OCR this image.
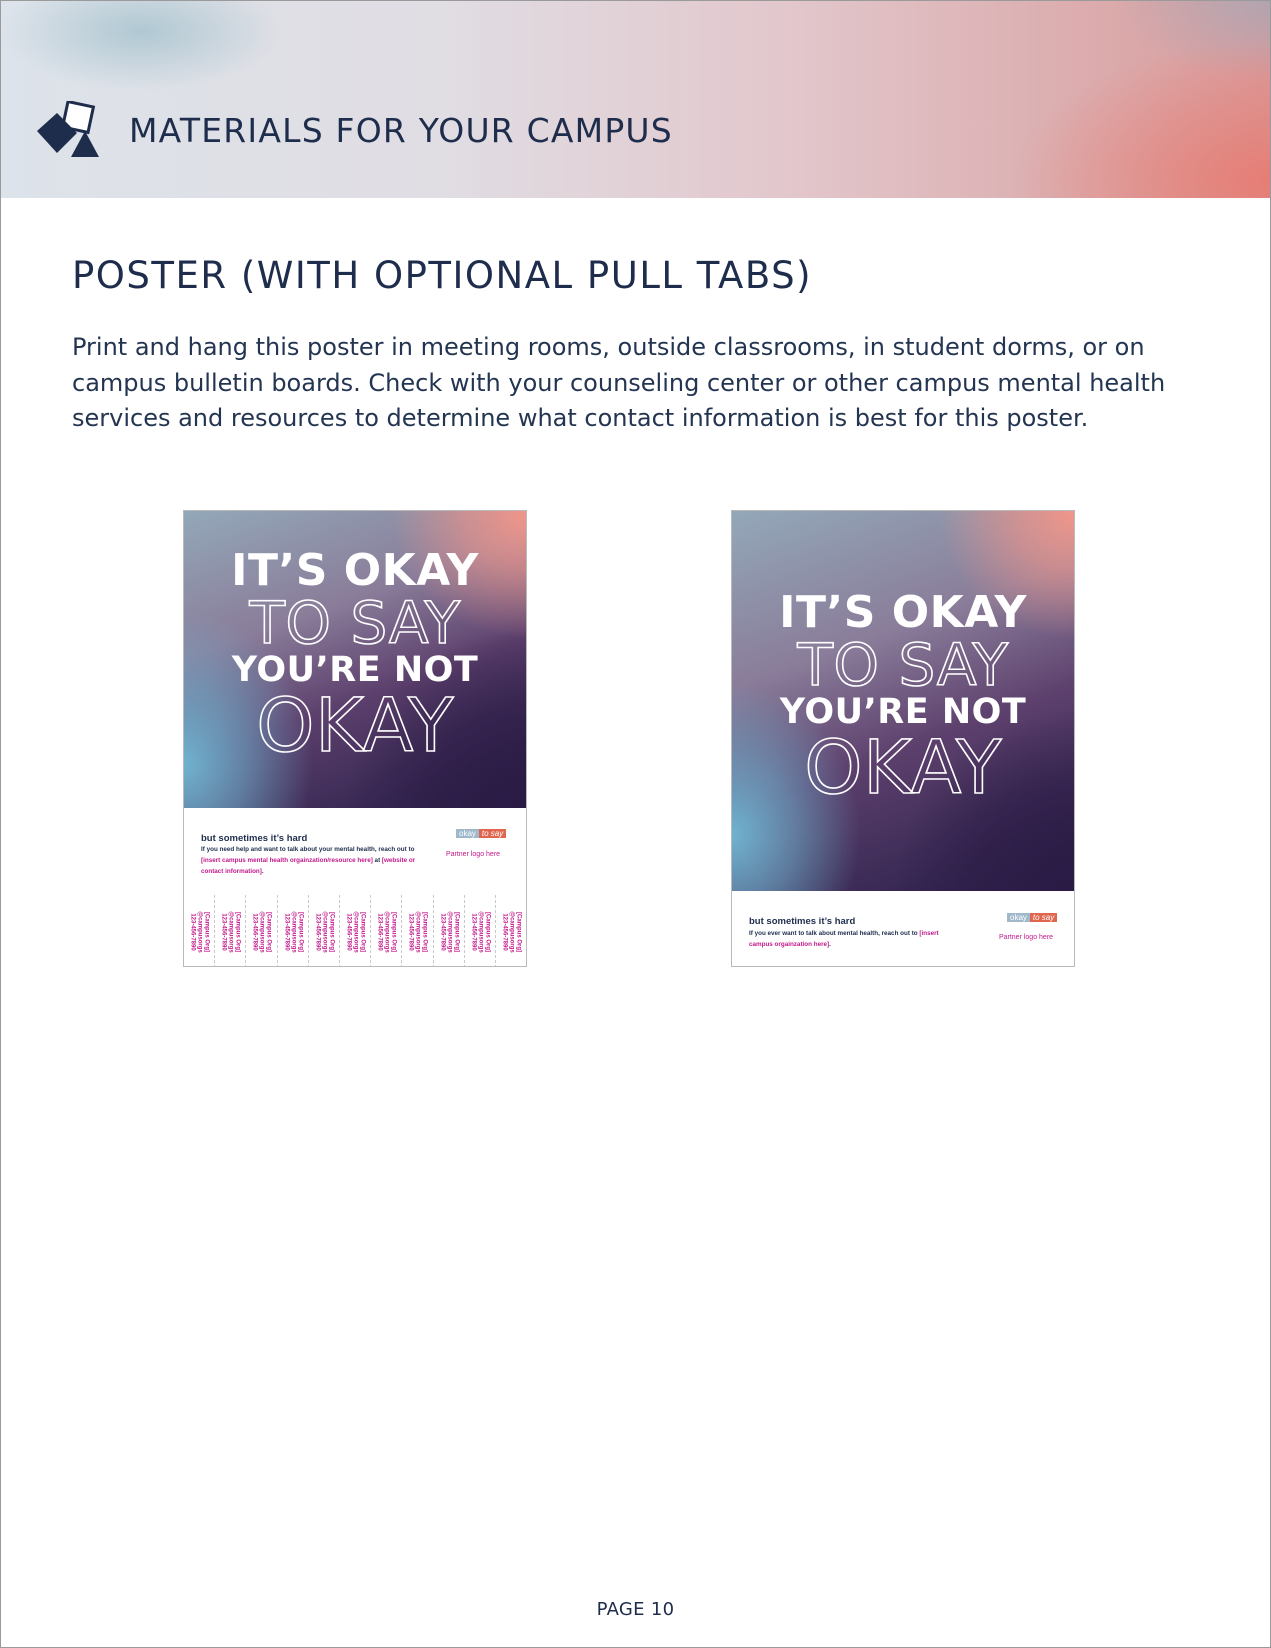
MATERIALS FOR YOUR CAMPUS
POSTER (WITH OPTIONAL PULL TABS)

Print and hang this poster in meeting rooms, outside classrooms, in student dorms, or on campus bulletin boards. Check with your counseling center or other campus mental health services and resources to determine what contact information is best for this poster.

IT’S OKAY
TO SAY
YOU’RE NOT
OKAY
but sometimes it’s hard
If you need help and want to talk about your mental health, reach out to [insert campus mental health orgainzation/resource here] at [website or contact information].
okay to say
Partner logo here
[Campus Org]
@campusorgs
123-456-7890	[Campus Org]
@campusorgs
123-456-7890	[Campus Org]
@campusorgs
123-456-7890	[Campus Org]
@campusorgs
123-456-7890	[Campus Org]
@campusorgs
123-456-7890	[Campus Org]
@campusorgs
123-456-7890	[Campus Org]
@campusorgs
123-456-7890	[Campus Org]
@campusorgs
123-456-7890	[Campus Org]
@campusorgs
123-456-7890	[Campus Org]
@campusorgs
123-456-7890	[Campus Org]
@campusorgs
123-456-7890
IT’S OKAY
TO SAY
YOU’RE NOT
OKAY
but sometimes it’s hard
If you ever want to talk about mental health, reach out to [insert campus orgainzation here].
okay to say
Partner logo here
PAGE 10
